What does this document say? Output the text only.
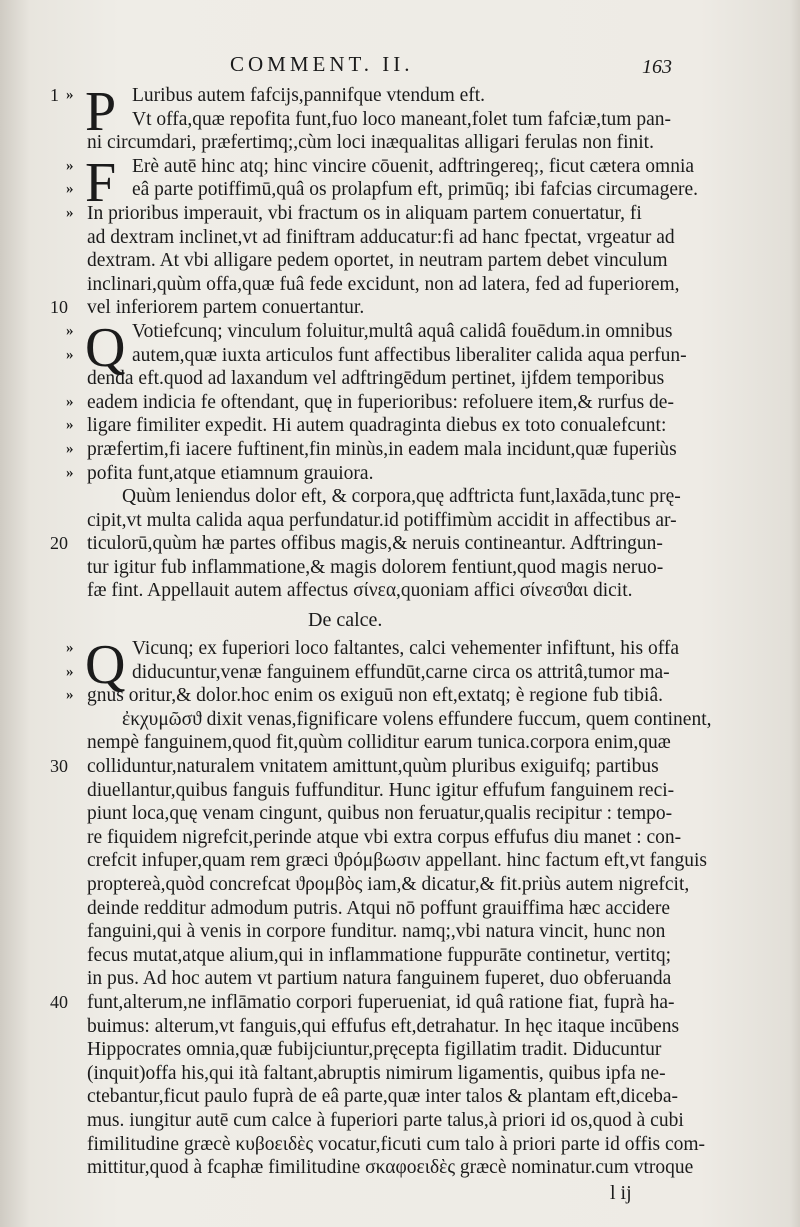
COMMENT. II.	163
1 » P Luribus autem fafcijs,pannifque vtendum eft.
Vt offa,quæ repofita funt,fuo loco maneant,folet tum fafciæ,tum pan-
ni circumdari, præfertimq;,cùm loci inæqualitas alligari ferulas non finit.
» F Erè autē hinc atq; hinc vincire cōuenit, adftringereq;, ficut cætera omnia
»	eâ parte potiffimū,quâ os prolapfum eft, primūq; ibi fafcias circumagere.
» In prioribus imperauit, vbi fractum os in aliquam partem conuertatur, fi
ad dextram inclinet,vt ad finiftram adducatur:fi ad hanc fpectat, vrgeatur ad
dextram. At vbi alligare pedem oportet, in neutram partem debet vinculum
inclinari,quùm offa,quæ fuâ fede excidunt, non ad latera, fed ad fuperiorem,
10 vel inferiorem partem conuertantur.
» Q Votiefcunq; vinculum foluitur,multâ aquâ calidâ fouēdum.in omnibus
»	autem,quæ iuxta articulos funt affectibus liberaliter calida aqua perfun-
denda eft.quod ad laxandum vel adftringēdum pertinet, ijfdem temporibus
» eadem indicia fe oftendant, quę in fuperioribus: refoluere item,& rurfus de-
» ligare fimiliter expedit. Hi autem quadraginta diebus ex toto conualefcunt:
» præfertim,fi iacere fuftinent,fin minùs,in eadem mala incidunt,quæ fuperiùs
» pofita funt,atque etiamnum grauiora.
Quùm leniendus dolor eft, & corpora,quę adftricta funt,laxāda,tunc prę-
cipit,vt multa calida aqua perfundatur.id potiffimùm accidit in affectibus ar-
20 ticulorū,quùm hæ partes offibus magis,& neruis contineantur. Adftringun-
tur igitur fub inflammatione,& magis dolorem fentiunt,quod magis neruo-
fæ fint. Appellauit autem affectus σίνεα,quoniam affici σίνεσϑαι dicit.
De calce.
» Q Vicunq; ex fuperiori loco faltantes, calci vehementer infiftunt, his offa
»	diducuntur,venæ fanguinem effundūt,carne circa os attritâ,tumor ma-
» gnus oritur,& dolor.hoc enim os exiguū non eft,extatq; è regione fub tibiâ.
ἐκχυμῶσϑ dixit venas,fignificare volens effundere fuccum, quem continent,
nempè fanguinem,quod fit,quùm colliditur earum tunica.corpora enim,quæ
30 colliduntur,naturalem vnitatem amittunt,quùm pluribus exiguifq; partibus
diuellantur,quibus fanguis fuffunditur. Hunc igitur effufum fanguinem reci-
piunt loca,quę venam cingunt, quibus non feruatur,qualis recipitur : tempo-
re fiquidem nigrefcit,perinde atque vbi extra corpus effufus diu manet : con-
crefcit infuper,quam rem græci ϑρόμβωσιν appellant. hinc factum eft,vt fanguis
proptereà,quòd concrefcat ϑρομβὸς iam,& dicatur,& fit.priùs autem nigrefcit,
deinde redditur admodum putris. Atqui nō poffunt grauiffima hæc accidere
fanguini,qui à venis in corpore funditur. namq;,vbi natura vincit, hunc non
fecus mutat,atque alium,qui in inflammatione fuppurāte continetur, vertitq;
in pus. Ad hoc autem vt partium natura fanguinem fuperet, duo obferuanda
40 funt,alterum,ne inflāmatio corpori fuperueniat, id quâ ratione fiat, fuprà ha-
buimus: alterum,vt fanguis,qui effufus eft,detrahatur. In hęc itaque incūbens
Hippocrates omnia,quæ fubijciuntur,pręcepta figillatim tradit. Diducuntur
(inquit)offa his,qui ità faltant,abruptis nimirum ligamentis, quibus ipfa ne-
ctebantur,ficut paulo fuprà de eâ parte,quæ inter talos & plantam eft,diceba-
mus. iungitur autē cum calce à fuperiori parte talus,à priori id os,quod à cubi
fimilitudine græcè κυβοειδὲς vocatur,ficuti cum talo à priori parte id offis com-
mittitur,quod à fcaphæ fimilitudine σκαφοειδὲς græcè nominatur.cum vtroque
l ij
